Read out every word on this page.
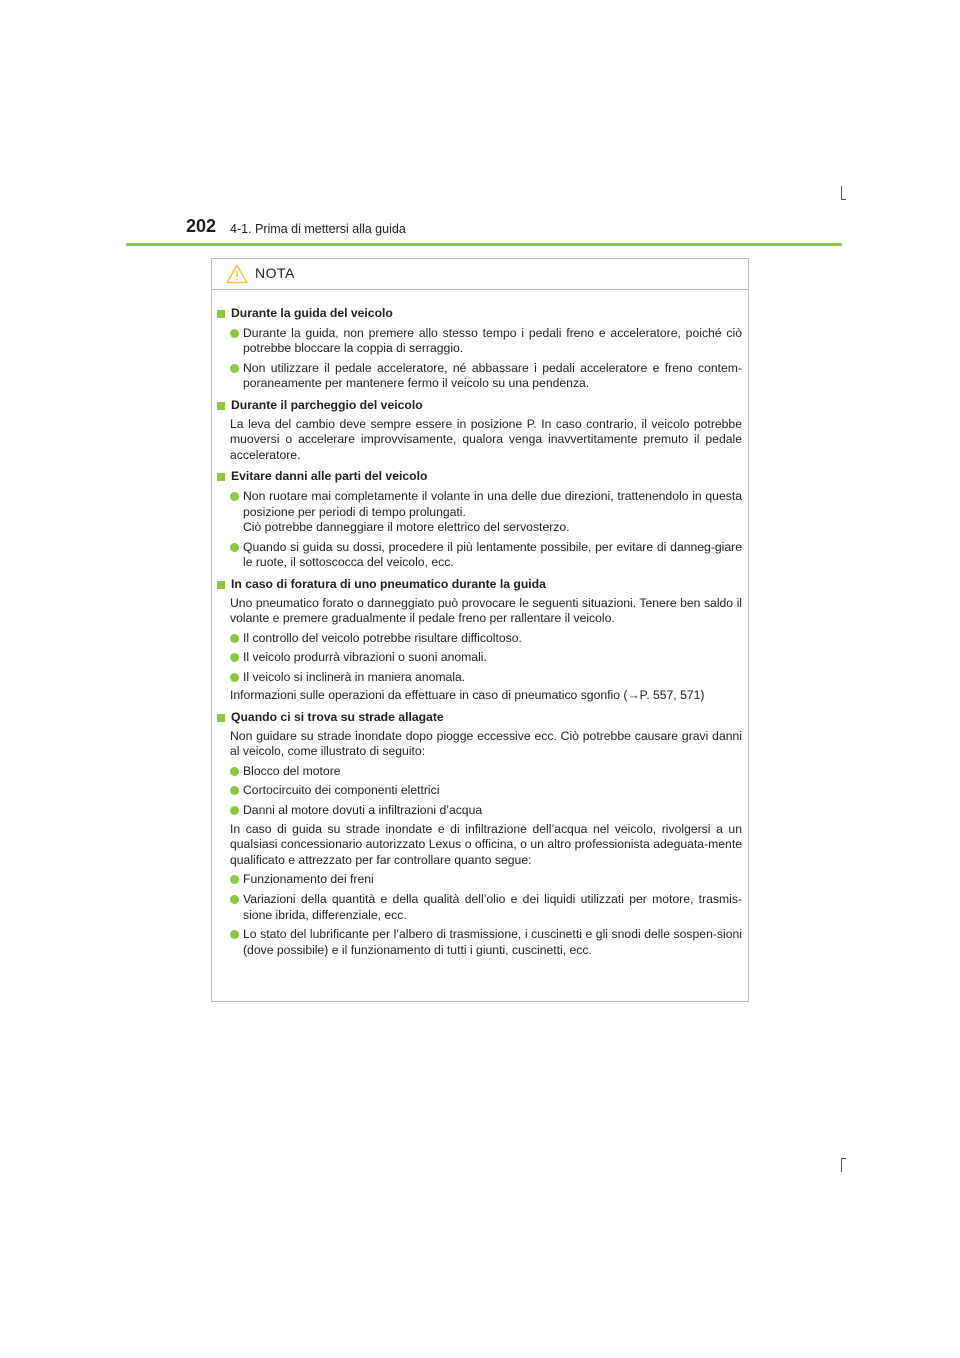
202 4-1. Prima di mettersi alla guida
NOTA
Durante la guida del veicolo
Durante la guida, non premere allo stesso tempo i pedali freno e acceleratore, poiché ciò potrebbe bloccare la coppia di serraggio.
Non utilizzare il pedale acceleratore, né abbassare i pedali acceleratore e freno contem-poraneamente per mantenere fermo il veicolo su una pendenza.
Durante il parcheggio del veicolo
La leva del cambio deve sempre essere in posizione P. In caso contrario, il veicolo potrebbe muoversi o accelerare improvvisamente, qualora venga inavvertitamente premuto il pedale acceleratore.
Evitare danni alle parti del veicolo
Non ruotare mai completamente il volante in una delle due direzioni, trattenendolo in questa posizione per periodi di tempo prolungati.
Ciò potrebbe danneggiare il motore elettrico del servosterzo.
Quando si guida su dossi, procedere il più lentamente possibile, per evitare di danneg-giare le ruote, il sottoscocca del veicolo, ecc.
In caso di foratura di uno pneumatico durante la guida
Uno pneumatico forato o danneggiato può provocare le seguenti situazioni. Tenere ben saldo il volante e premere gradualmente il pedale freno per rallentare il veicolo.
Il controllo del veicolo potrebbe risultare difficoltoso.
Il veicolo produrrà vibrazioni o suoni anomali.
Il veicolo si inclinerà in maniera anomala.
Informazioni sulle operazioni da effettuare in caso di pneumatico sgonfio (→P. 557, 571)
Quando ci si trova su strade allagate
Non guidare su strade inondate dopo piogge eccessive ecc. Ciò potrebbe causare gravi danni al veicolo, come illustrato di seguito:
Blocco del motore
Cortocircuito dei componenti elettrici
Danni al motore dovuti a infiltrazioni d’acqua
In caso di guida su strade inondate e di infiltrazione dell’acqua nel veicolo, rivolgersi a un qualsiasi concessionario autorizzato Lexus o officina, o un altro professionista adeguata-mente qualificato e attrezzato per far controllare quanto segue:
Funzionamento dei freni
Variazioni della quantità e della qualità dell’olio e dei liquidi utilizzati per motore, trasmis-sione ibrida, differenziale, ecc.
Lo stato del lubrificante per l’albero di trasmissione, i cuscinetti e gli snodi delle sospen-sioni (dove possibile) e il funzionamento di tutti i giunti, cuscinetti, ecc.
